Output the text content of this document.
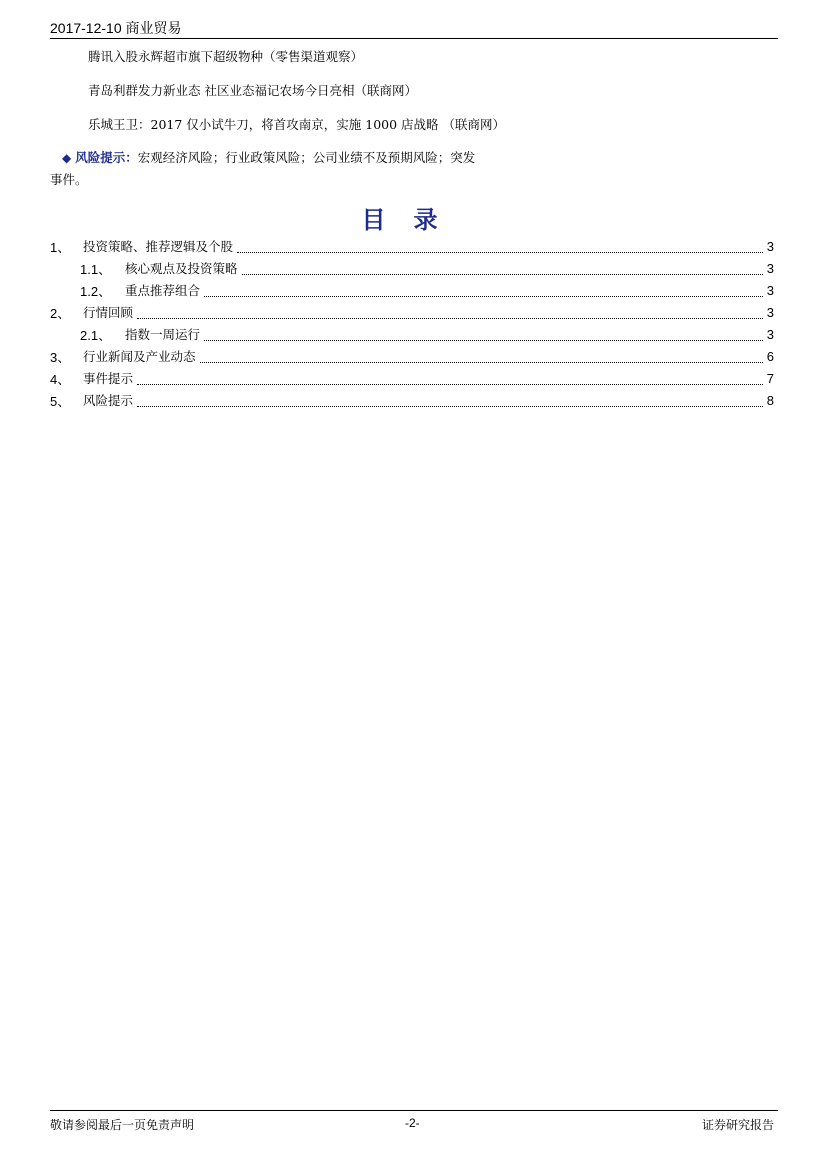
2017-12-10 商业贸易
腾讯入股永辉超市旗下超级物种（零售渠道观察）
青岛利群发力新业态 社区业态福记农场今日亮相（联商网）
乐城王卫：2017 仅小试牛刀，将首攻南京，实施 1000 店战略 （联商网）
◆ 风险提示：宏观经济风险；行业政策风险；公司业绩不及预期风险；突发
事件。
目录
1、	投资策略、推荐逻辑及个股	3
1.1、	核心观点及投资策略	3
1.2、	重点推荐组合	3
2、	行情回顾	3
2.1、	指数一周运行	3
3、	行业新闻及产业动态	6
4、	事件提示	7
5、	风险提示	8
敬请参阅最后一页免责声明	-2-	证券研究报告
